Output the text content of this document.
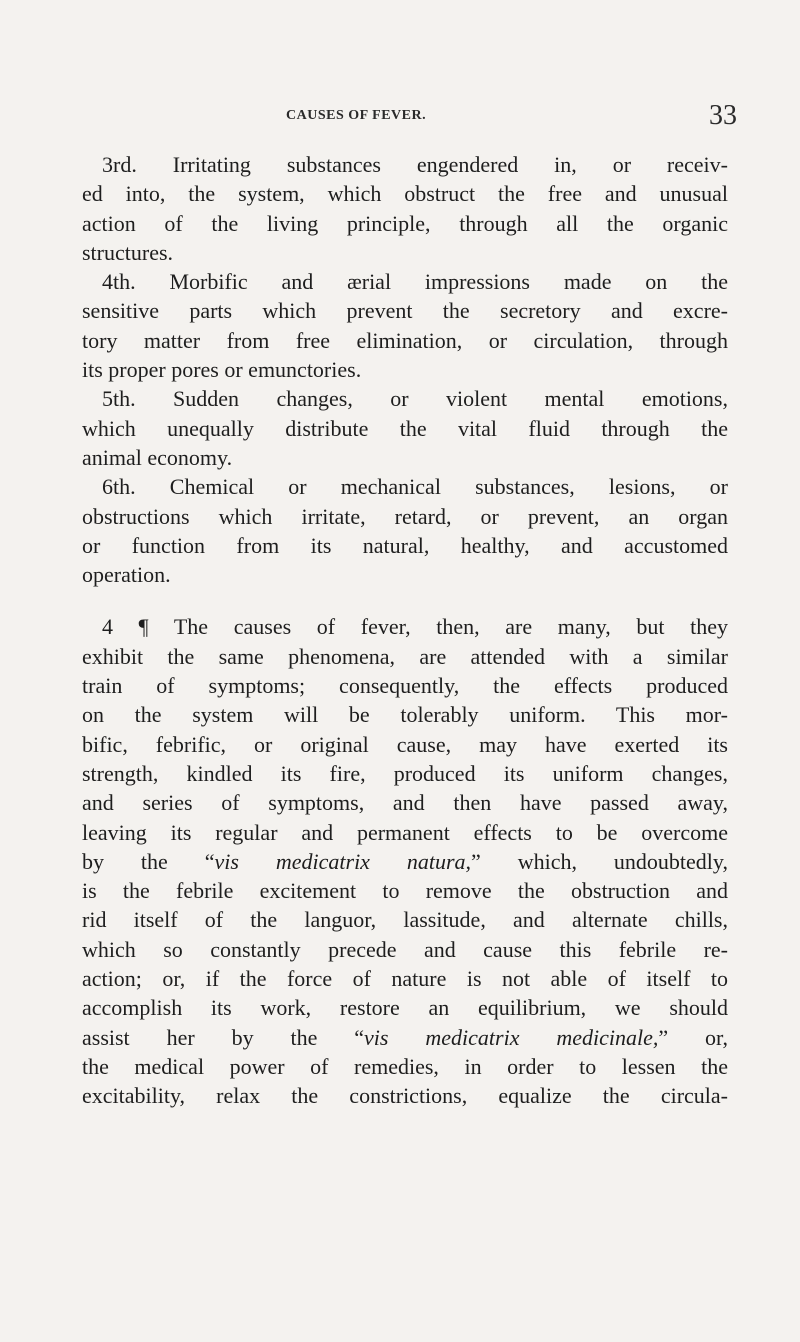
CAUSES OF FEVER.	33

3rd. Irritating substances engendered in, or receiv-
ed into, the system, which obstruct the free and unusual
action of the living principle, through all the organic
structures.

4th. Morbific and ærial impressions made on the
sensitive parts which prevent the secretory and excre-
tory matter from free elimination, or circulation, through
its proper pores or emunctories.

5th. Sudden changes, or violent mental emotions,
which unequally distribute the vital fluid through the
animal economy.

6th. Chemical or mechanical substances, lesions, or
obstructions which irritate, retard, or prevent, an organ
or function from its natural, healthy, and accustomed
operation.

4 ¶ The causes of fever, then, are many, but they
exhibit the same phenomena, are attended with a similar
train of symptoms; consequently, the effects produced
on the system will be tolerably uniform. This mor-
bific, febrific, or original cause, may have exerted its
strength, kindled its fire, produced its uniform changes,
and series of symptoms, and then have passed away,
leaving its regular and permanent effects to be overcome
by the “vis medicatrix natura,” which, undoubtedly,
is the febrile excitement to remove the obstruction and
rid itself of the languor, lassitude, and alternate chills,
which so constantly precede and cause this febrile re-
action; or, if the force of nature is not able of itself to
accomplish its work, restore an equilibrium, we should
assist her by the “vis medicatrix medicinale,” or,
the medical power of remedies, in order to lessen the
excitability, relax the constrictions, equalize the circula-
